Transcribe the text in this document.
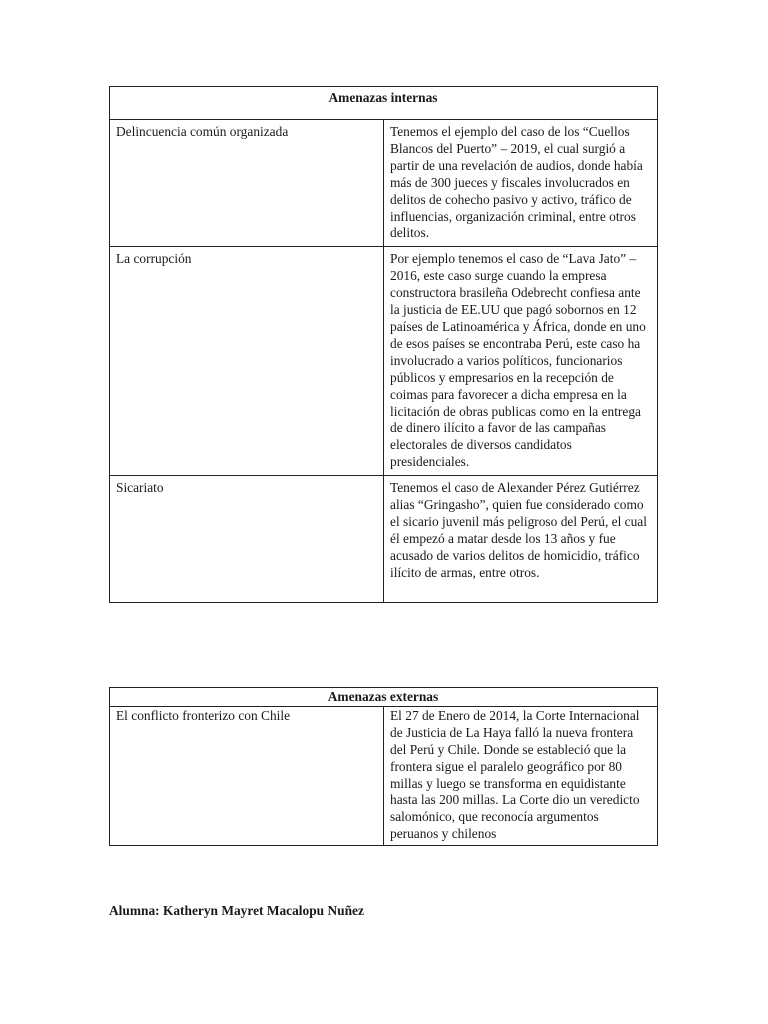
Amenazas internas	

Delincuencia común organizada	Tenemos el ejemplo del caso de los “Cuellos Blancos del Puerto” – 2019, el cual surgió a partir de una revelación de audios, donde había más de 300 jueces y fiscales involucrados en delitos de cohecho pasivo y activo, tráfico de influencias, organización criminal, entre otros delitos.

La corrupción	Por ejemplo tenemos el caso de “Lava Jato” – 2016, este caso surge cuando la empresa constructora brasileña Odebrecht confiesa ante la justicia de EE.UU que pagó sobornos en 12 países de Latinoamérica y África, donde en uno de esos países se encontraba Perú, este caso ha involucrado a varios políticos, funcionarios públicos y empresarios en la recepción de coimas para favorecer a dicha empresa en la licitación de obras publicas como en la entrega de dinero ilícito a favor de las campañas electorales de diversos candidatos presidenciales.

Sicariato	Tenemos el caso de Alexander Pérez Gutiérrez alias “Gringasho”, quien fue considerado como el sicario juvenil más peligroso del Perú, el cual él empezó a matar desde los 13 años y fue acusado de varios delitos de homicidio, tráfico ilícito de armas, entre otros.
Amenazas externas

El conflicto fronterizo con Chile	El 27 de Enero de 2014, la Corte Internacional de Justicia de La Haya falló la nueva frontera del Perú y Chile. Donde se estableció que la frontera sigue el paralelo geográfico por 80 millas y luego se transforma en equidistante hasta las 200 millas. La Corte dio un veredicto salomónico, que reconocía argumentos peruanos y chilenos
Alumna: Katheryn Mayret Macalopu Nuñez
